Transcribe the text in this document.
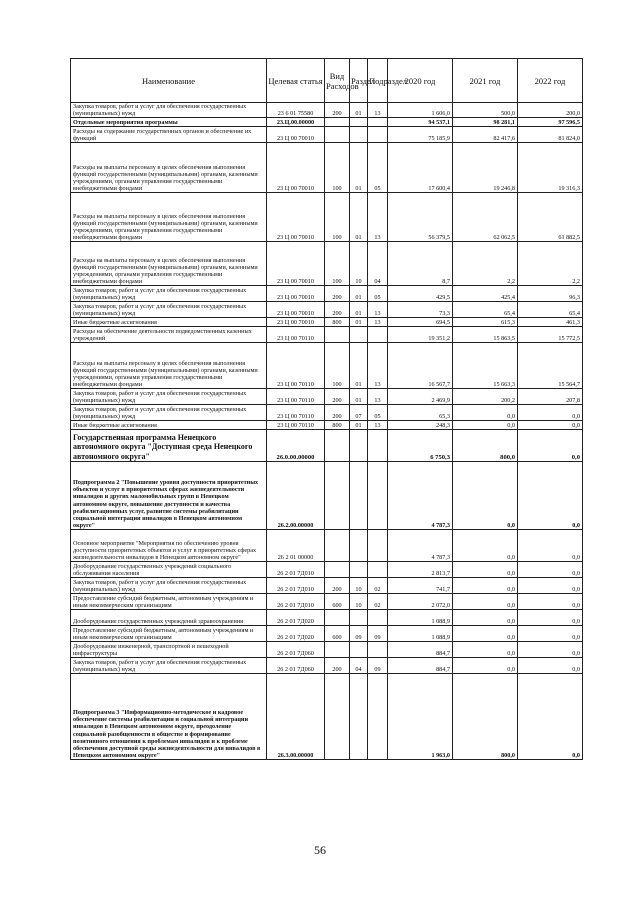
Наименование	Целевая статья	Вид Расходов	Раздел	Подраздел	2020 год	2021 год	2022 год
Закупка товаров, работ и услуг для обеспечения государственных (муниципальных) нужд	23 6 01 75580	200	01	13	1 606,0	500,0	200,0
Отдельные мероприятия программы	23.Ц.00.00000				94 537,1	98 281,1	97 596,5
Расходы на содержание государственных органов и обеспечение их функций	23 Ц 00 70010				75 185,9	82 417,6	81 824,0
Расходы на выплаты персоналу в целях обеспечения выполнения функций государственными (муниципальными) органами, казенными учреждениями, органами управления государственными внебюджетными фондами	23 Ц 00 70010	100	01	05	17 600,4	19 246,8	19 316,3
Расходы на выплаты персоналу в целях обеспечения выполнения функций государственными (муниципальными) органами, казенными учреждениями, органами управления государственными внебюджетными фондами	23 Ц 00 70010	100	01	13	56 379,5	62 062,5	61 882,5
Расходы на выплаты персоналу в целях обеспечения выполнения функций государственными (муниципальными) органами, казенными учреждениями, органами управления государственными внебюджетными фондами	23 Ц 00 70010	100	10	04	8,7	2,2	2,2
Закупка товаров, работ и услуг для обеспечения государственных (муниципальных) нужд	23 Ц 00 70010	200	01	05	429,5	425,4	96,3
Закупка товаров, работ и услуг для обеспечения государственных (муниципальных) нужд	23 Ц 00 70010	200	01	13	73,3	65,4	65,4
Иные бюджетные ассигнования	23 Ц 00 70010	800	01	13	694,5	615,3	461,3
Расходы на обеспечение деятельности подведомственных казенных учреждений	23 Ц 00 70110				19 351,2	15 863,5	15 772,5
Расходы на выплаты персоналу в целях обеспечения выполнения функций государственными (муниципальными) органами, казенными учреждениями, органами управления государственными внебюджетными фондами	23 Ц 00 70110	100	01	13	16 567,7	15 663,3	15 564,7
Закупка товаров, работ и услуг для обеспечения государственных (муниципальных) нужд	23 Ц 00 70110	200	01	13	2 469,9	200,2	207,8
Закупка товаров, работ и услуг для обеспечения государственных (муниципальных) нужд	23 Ц 00 70110	200	07	05	65,3	0,0	0,0
Иные бюджетные ассигнования	23 Ц 00 70110	800	01	13	248,3	0,0	0,0
Государственная программа Ненецкого автономного округа "Доступная среда Ненецкого автономного округа"	26.0.00.00000				6 750,3	800,0	0,0
Подпрограмма 2 "Повышение уровня доступности приоритетных объектов и услуг в приоритетных сферах жизнедеятельности инвалидов и других маломобильных групп в Ненецком автономном округе, повышение доступности и качества реабилитационных услуг, развитие системы реабилитации социальной интеграции инвалидов в Ненецком автономном округе"	26.2.00.00000				4 787,3	0,0	0,0
Основное мероприятие "Мероприятия по обеспечению уровня доступности приоритетных объектов и услуг в приоритетных сферах жизнедеятельности инвалидов в Ненецком автономном округе"	26 2 01 00000				4 787,3	0,0	0,0
Дооборудование государственных учреждений социального обслуживания населения	26 2 01 7Д010				2 813,7	0,0	0,0
Закупка товаров, работ и услуг для обеспечения государственных (муниципальных) нужд	26 2 01 7Д010	200	10	02	741,7	0,0	0,0
Предоставление субсидий бюджетным, автономным учреждениям и иным некоммерческим организациям	26 2 01 7Д010	600	10	02	2 072,0	0,0	0,0
Дооборудование государственных учреждений здравоохранения	26 2 01 7Д020				1 088,9	0,0	0,0
Предоставление субсидий бюджетным, автономным учреждениям и иным некоммерческим организациям	26 2 01 7Д020	600	09	09	1 088,9	0,0	0,0
Дооборудование инженерной, транспортной и пешеходной инфраструктуры	26 2 01 7Д060				884,7	0,0	0,0
Закупка товаров, работ и услуг для обеспечения государственных (муниципальных) нужд	26 2 01 7Д060	200	04	09	884,7	0,0	0,0
Подпрограмма 3 "Информационно-методическое и кадровое обеспечение системы реабилитации и социальной интеграции инвалидов в Ненецком автономном округе, преодоление социальной разобщенности в обществе и формирование позитивного отношения к проблемам инвалидов и к проблеме обеспечения доступной среды жизнедеятельности для инвалидов в Ненецком автономном округе"	26.3.00.00000				1 963,0	800,0	0,0
56
